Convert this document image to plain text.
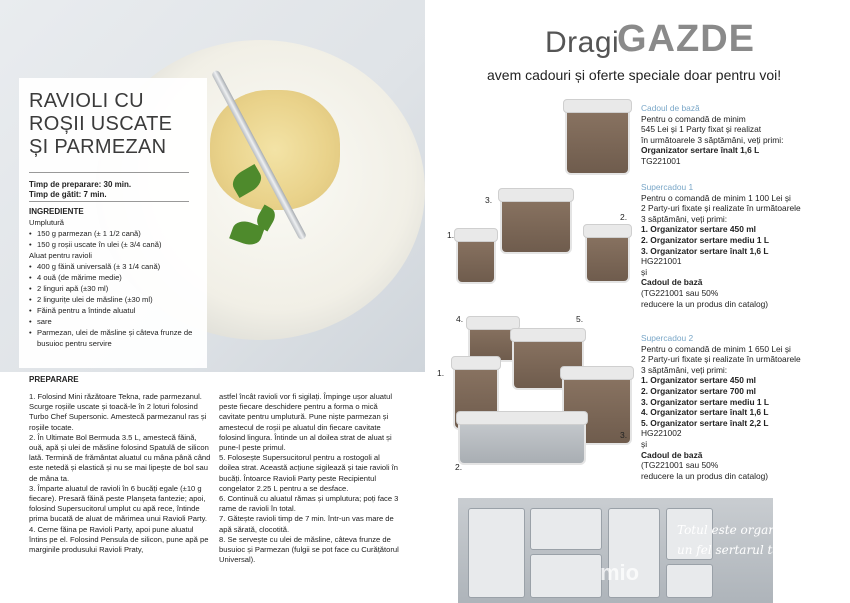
RAVIOLI CU
ROȘII USCATE
ȘI PARMEZAN
Timp de preparare: 30 min.
Timp de gătit: 7 min.
INGREDIENTE
Umplutură
• 150 g parmezan (± 1 1/2 cană)
• 150 g roșii uscate în ulei (± 3/4 cană)
Aluat pentru ravioli
• 400 g făină universală (± 3 1/4 cană)
• 4 ouă (de mărime medie)
• 2 linguri apă (±30 ml)
• 2 lingurițe ulei de măsline (±30 ml)
• Făină pentru a întinde aluatul
• sare
• Parmezan, ulei de măsline și câteva frunze de busuioc pentru servire
PREPARARE
1. Folosind Mini răzătoare Tekna, rade parmezanul. Scurge roșiile uscate și toacă-le în 2 loturi folosind Turbo Chef Supersonic. Amestecă parmezanul ras și roșiile tocate.
2. În Ultimate Bol Bermuda 3.5 L, amestecă făină, ouă, apă și ulei de măsline folosind Spatulă de silicon lată. Termină de frământat aluatul cu mâna până când este netedă și elastică și nu se mai lipește de bol sau de mâna ta.
3. Împarte aluatul de ravioli în 6 bucăți egale (±10 g fiecare). Presară făină peste Planșeta fanteziе; apoi, folosind Supersucitorul umplut cu apă rece, întinde prima bucată de aluat de mărimea unui Ravioli Party.
4. Cerne făina pe Ravioli Party, apoi pune aluatul întins pe el. Folosind Pensula de silicon, pune apă pe marginile produsului Ravioli Praty,
astfel încât ravioli vor fi sigilați. Împinge ușor aluatul peste fiecare deschidere pentru a forma o mică cavitate pentru umplutură. Pune niște parmezan și amestecul de roșii pe aluatul din fiecare cavitate folosind lingura. Întinde un al doilea strat de aluat și pune-l peste primul.
5. Folosește Supersucitorul pentru a rostogoli al doilea strat. Această acțiune sigilează și taie ravioli în bucăți. Întoarce Ravioli Party peste Recipientul congelator 2.25 L pentru a se desface.
6. Continuă cu aluatul rămas și umplutura; poți face 3 rame de ravioli în total.
7. Gătește ravioli timp de 7 min. într-un vas mare de apă sărată, clocotită.
8. Se servește cu ulei de măsline, câteva frunze de busuioc și Parmezan (fulgii se pot face cu Curățătorul Universal).
Dragi
GAZDE
avem cadouri și oferte speciale doar pentru voi!
1.
2.
3.
1.
2.
3.
4.	5.
Cadoul de bază
Pentru o comandă de minim
545 Lei și 1 Party fixat și realizat
în următoarele 3 săptămâni, veți primi:
Organizator sertare înalt 1,6 L
TG221001
Supercadou 1
Pentru o comandă de minim 1 100 Lei și
2 Party-uri fixate și realizate în următoarele
3 săptămâni, veți primi:
1. Organizator sertare 450 ml
2. Organizator sertare mediu 1 L
3. Organizator sertare înalt 1,6 L
HG221001
și
Cadoul de bază
(TG221001 sau 50%
reducere la un produs din catalog)
Supercadou 2
Pentru o comandă de minim 1 650 Lei și
2 Party-uri fixate și realizate în următoarele
3 săptămâni, veți primi:
1. Organizator sertare 450 ml
2. Organizator sertare 700 ml
3. Organizator sertare mediu 1 L
4. Organizator sertare înalt 1,6 L
5. Organizator sertare înalt 2,2 L
HG221002
și
Cadoul de bază
(TG221001 sau 50%
reducere la un produs din catalog)
Totul este organizat într-
un fel sertarul tău.
mio
